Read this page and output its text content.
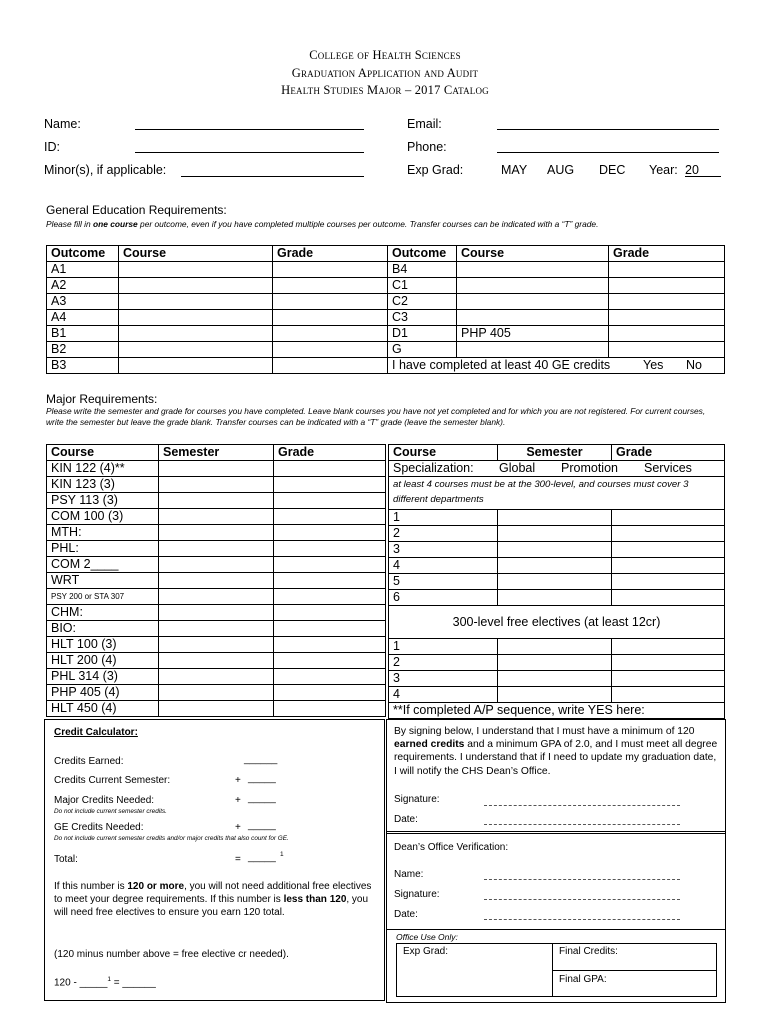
College of Health Sciences
Graduation Application and Audit
Health Studies Major – 2017 Catalog
Name:	Email:
ID:	Phone:
Minor(s), if applicable:	Exp Grad:	MAY AUG DEC Year: 20
General Education Requirements:
Please fill in one course per outcome, even if you have completed multiple courses per outcome. Transfer courses can be indicated with a “T” grade.
Outcome	Course	Grade	Outcome	Course	Grade
A1			B4		
A2			C1		
A3			C2		
A4			C3		
B1			D1	PHP 405	
B2			G		
B3			I have completed at least 40 GE credits Yes No		
Major Requirements:
Please write the semester and grade for courses you have completed. Leave blank courses you have not yet completed and for which you are not registered. For current courses, write the semester but leave the grade blank. Transfer courses can be indicated with a “T” grade (leave the semester blank).
Course	Semester	Grade
KIN 122 (4)**		
KIN 123 (3)		
PSY 113 (3)		
COM 100 (3)		
MTH:		
PHL:		
COM 2____		
WRT		
PSY 200 or STA 307		
CHM:		
BIO:		
HLT 100 (3)		
HLT 200 (4)		
PHL 314 (3)		
PHP 405 (4)		
HLT 450 (4)		
Course	Semester	Grade
Specialization: Global Promotion Services		

at least 4 courses must be at the 300-level, and courses must cover 3 different departments		
1		
2		
3		
4		
5		
6		
300-level free electives (at least 12cr)		
1		
2		
3		
4		
**If completed A/P sequence, write YES here:		
Credit Calculator:
Credits Earned:	______
Credits Current Semester:	+ _____
Major Credits Needed:	+ _____
Do not include current semester credits.
GE Credits Needed:	+ _____
Do not include current semester credits and/or major credits that also count for GE.
Total:	= _____ 1
If this number is 120 or more, you will not need additional free electives to meet your degree requirements. If this number is less than 120, you will need free electives to ensure you earn 120 total.
(120 minus number above = free elective cr needed).
120 - _____$^1$ = ______
By signing below, I understand that I must have a minimum of 120 earned credits and a minimum GPA of 2.0, and I must meet all degree requirements. I understand that if I need to update my graduation date, I will notify the CHS Dean’s Office.
Signature:
Date:
Dean’s Office Verification:
Name:
Signature:
Date:
Office Use Only:
Exp Grad:	Final Credits:
Final GPA:
